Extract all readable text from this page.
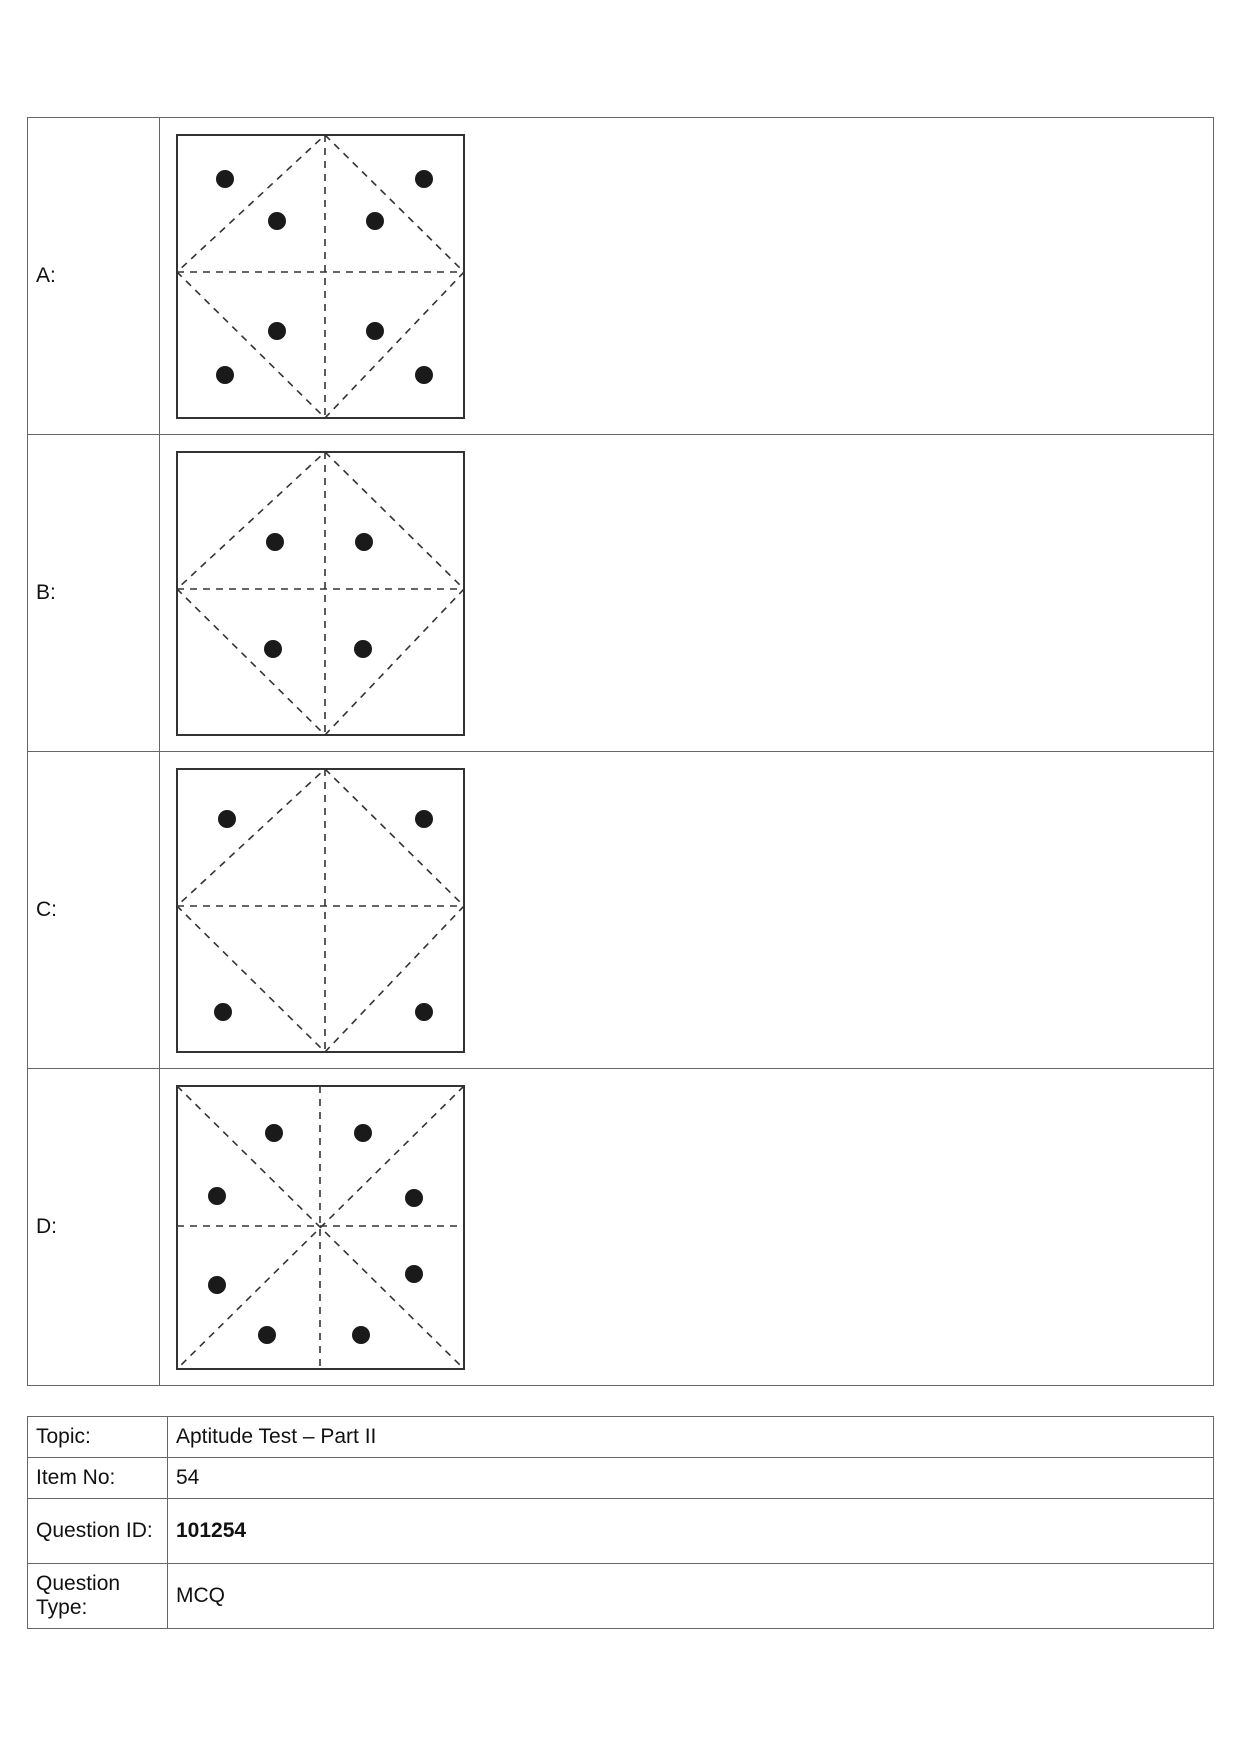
A:	

B:	

C:	

D:	
Topic:	Aptitude Test – Part II
Item No:	54
Question ID:	101254
Question Type:	MCQ
